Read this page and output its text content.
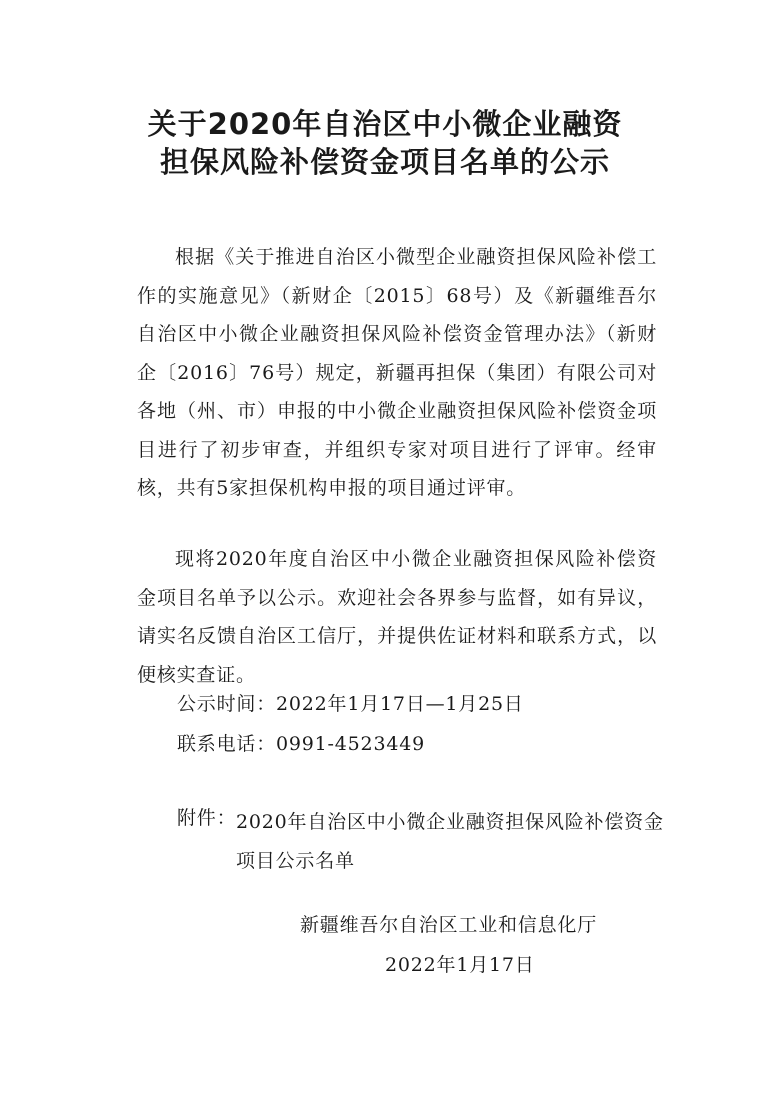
关于2020年自治区中小微企业融资
担保风险补偿资金项目名单的公示

根据《关于推进自治区小微型企业融资担保风险补偿工作的实施意见》（新财企〔2015〕68号）及《新疆维吾尔自治区中小微企业融资担保风险补偿资金管理办法》（新财企〔2016〕76号）规定，新疆再担保（集团）有限公司对各地（州、市）申报的中小微企业融资担保风险补偿资金项目进行了初步审查，并组织专家对项目进行了评审。经审核，共有5家担保机构申报的项目通过评审。

现将2020年度自治区中小微企业融资担保风险补偿资金项目名单予以公示。欢迎社会各界参与监督，如有异议，请实名反馈自治区工信厅，并提供佐证材料和联系方式，以便核实查证。

公示时间：2022年1月17日—1月25日
联系电话：0991-4523449
附件： 2020年自治区中小微企业融资担保风险补偿资金项目公示名单

新疆维吾尔自治区工业和信息化厅
2022年1月17日
